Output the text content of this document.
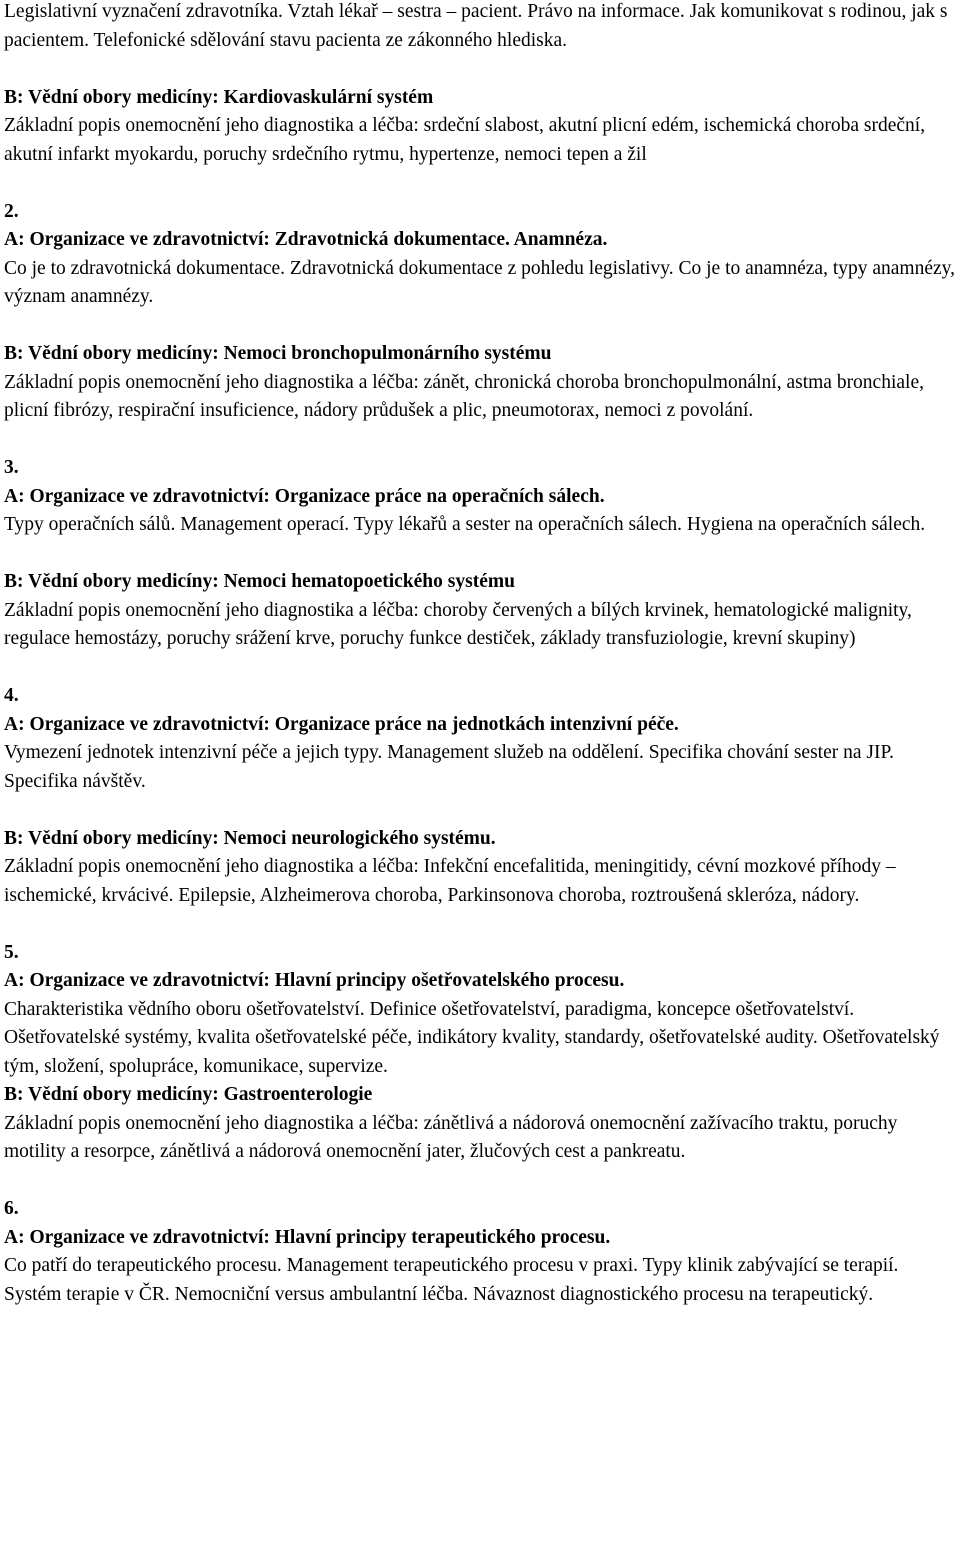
Legislativní vyznačení zdravotníka. Vztah lékař – sestra – pacient. Právo na informace. Jak komunikovat s rodinou, jak s pacientem. Telefonické sdělování stavu pacienta ze zákonného hlediska.

B: Vědní obory medicíny: Kardiovaskulární systém

Základní popis onemocnění jeho diagnostika a léčba: srdeční slabost, akutní plicní edém, ischemická choroba srdeční, akutní infarkt myokardu, poruchy srdečního rytmu, hypertenze, nemoci tepen a žil

2.

A: Organizace ve zdravotnictví: Zdravotnická dokumentace. Anamnéza.

Co je to zdravotnická dokumentace. Zdravotnická dokumentace z pohledu legislativy. Co je to anamnéza, typy anamnézy, význam anamnézy.

B: Vědní obory medicíny: Nemoci bronchopulmonárního systému

Základní popis onemocnění jeho diagnostika a léčba: zánět, chronická choroba bronchopulmonální, astma bronchiale, plicní fibrózy, respirační insuficience, nádory průdušek a plic, pneumotorax, nemoci z povolání.

3.

A: Organizace ve zdravotnictví: Organizace práce na operačních sálech.

Typy operačních sálů. Management operací. Typy lékařů a sester na operačních sálech. Hygiena na operačních sálech.

B: Vědní obory medicíny: Nemoci hematopoetického systému

Základní popis onemocnění jeho diagnostika a léčba: choroby červených a bílých krvinek, hematologické malignity, regulace hemostázy, poruchy srážení krve, poruchy funkce destiček, základy transfuziologie, krevní skupiny)

4.

A: Organizace ve zdravotnictví: Organizace práce na jednotkách intenzivní péče.

Vymezení jednotek intenzivní péče a jejich typy. Management služeb na oddělení. Specifika chování sester na JIP. Specifika návštěv.

B: Vědní obory medicíny: Nemoci neurologického systému.

Základní popis onemocnění jeho diagnostika a léčba: Infekční encefalitida, meningitidy, cévní mozkové příhody – ischemické, krvácivé. Epilepsie, Alzheimerova choroba, Parkinsonova choroba, roztroušená skleróza, nádory.

5.

A: Organizace ve zdravotnictví: Hlavní principy ošetřovatelského procesu.

Charakteristika vědního oboru ošetřovatelství. Definice ošetřovatelství, paradigma, koncepce ošetřovatelství. Ošetřovatelské systémy, kvalita ošetřovatelské péče, indikátory kvality, standardy, ošetřovatelské audity. Ošetřovatelský tým, složení, spolupráce, komunikace, supervize.

B: Vědní obory medicíny: Gastroenterologie

Základní popis onemocnění jeho diagnostika a léčba: zánětlivá a nádorová onemocnění zažívacího traktu, poruchy motility a resorpce, zánětlivá a nádorová onemocnění jater, žlučových cest a pankreatu.

6.

A: Organizace ve zdravotnictví: Hlavní principy terapeutického procesu.

Co patří do terapeutického procesu. Management terapeutického procesu v praxi. Typy klinik zabývající se terapií. Systém terapie v ČR. Nemocniční versus ambulantní léčba. Návaznost diagnostického procesu na terapeutický.
